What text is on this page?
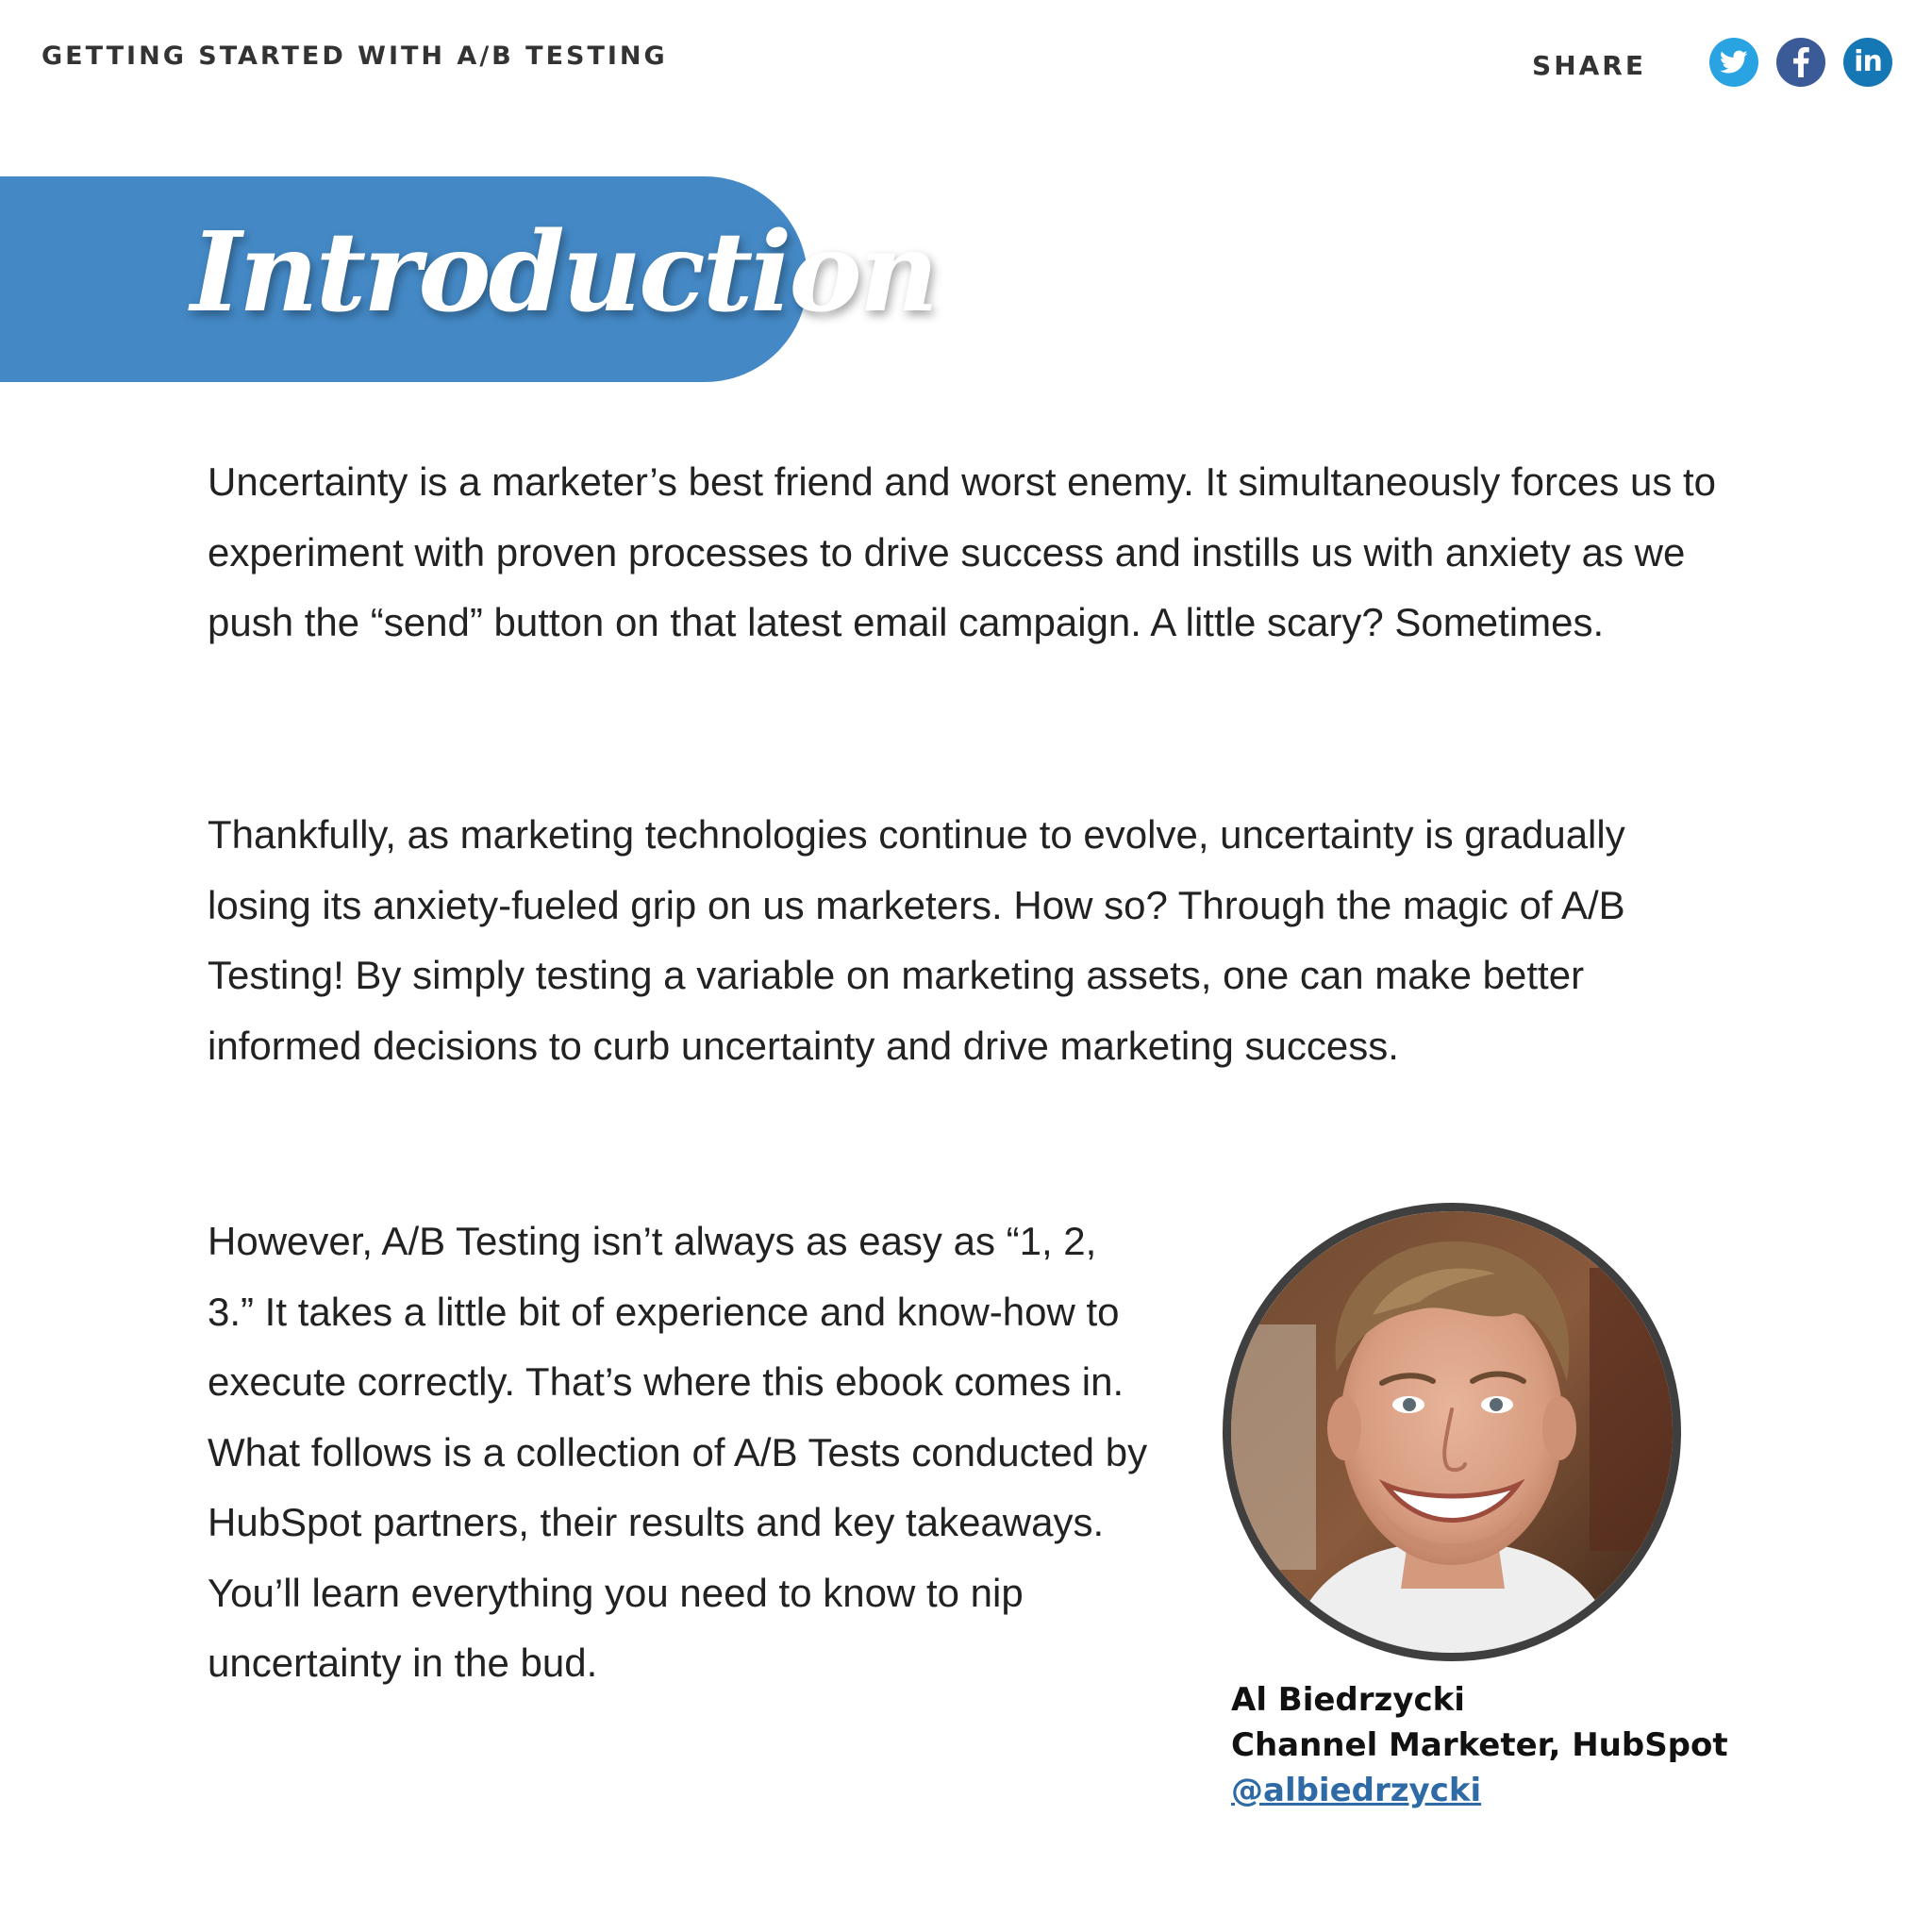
GETTING STARTED WITH A/B TESTING	SHARE	in
Introduction

Uncertainty is a marketer’s best friend and worst enemy. It simultaneously forces us to experiment with proven processes to drive success and instills us with anxiety as we push the “send” button on that latest email campaign. A little scary? Sometimes.

Thankfully, as marketing technologies continue to evolve, uncertainty is gradually losing its anxiety-fueled grip on us marketers. How so? Through the magic of A/B Testing! By simply testing a variable on marketing assets, one can make better informed decisions to curb uncertainty and drive marketing success.

However, A/B Testing isn’t always as easy as “1, 2, 3.” It takes a little bit of experience and know-how to execute correctly. That’s where this ebook comes in. What follows is a collection of A/B Tests conducted by HubSpot partners, their results and key takeaways. You’ll learn everything you need to know to nip uncertainty in the bud.

Al Biedrzycki
Channel Marketer, HubSpot
@albiedrzycki
